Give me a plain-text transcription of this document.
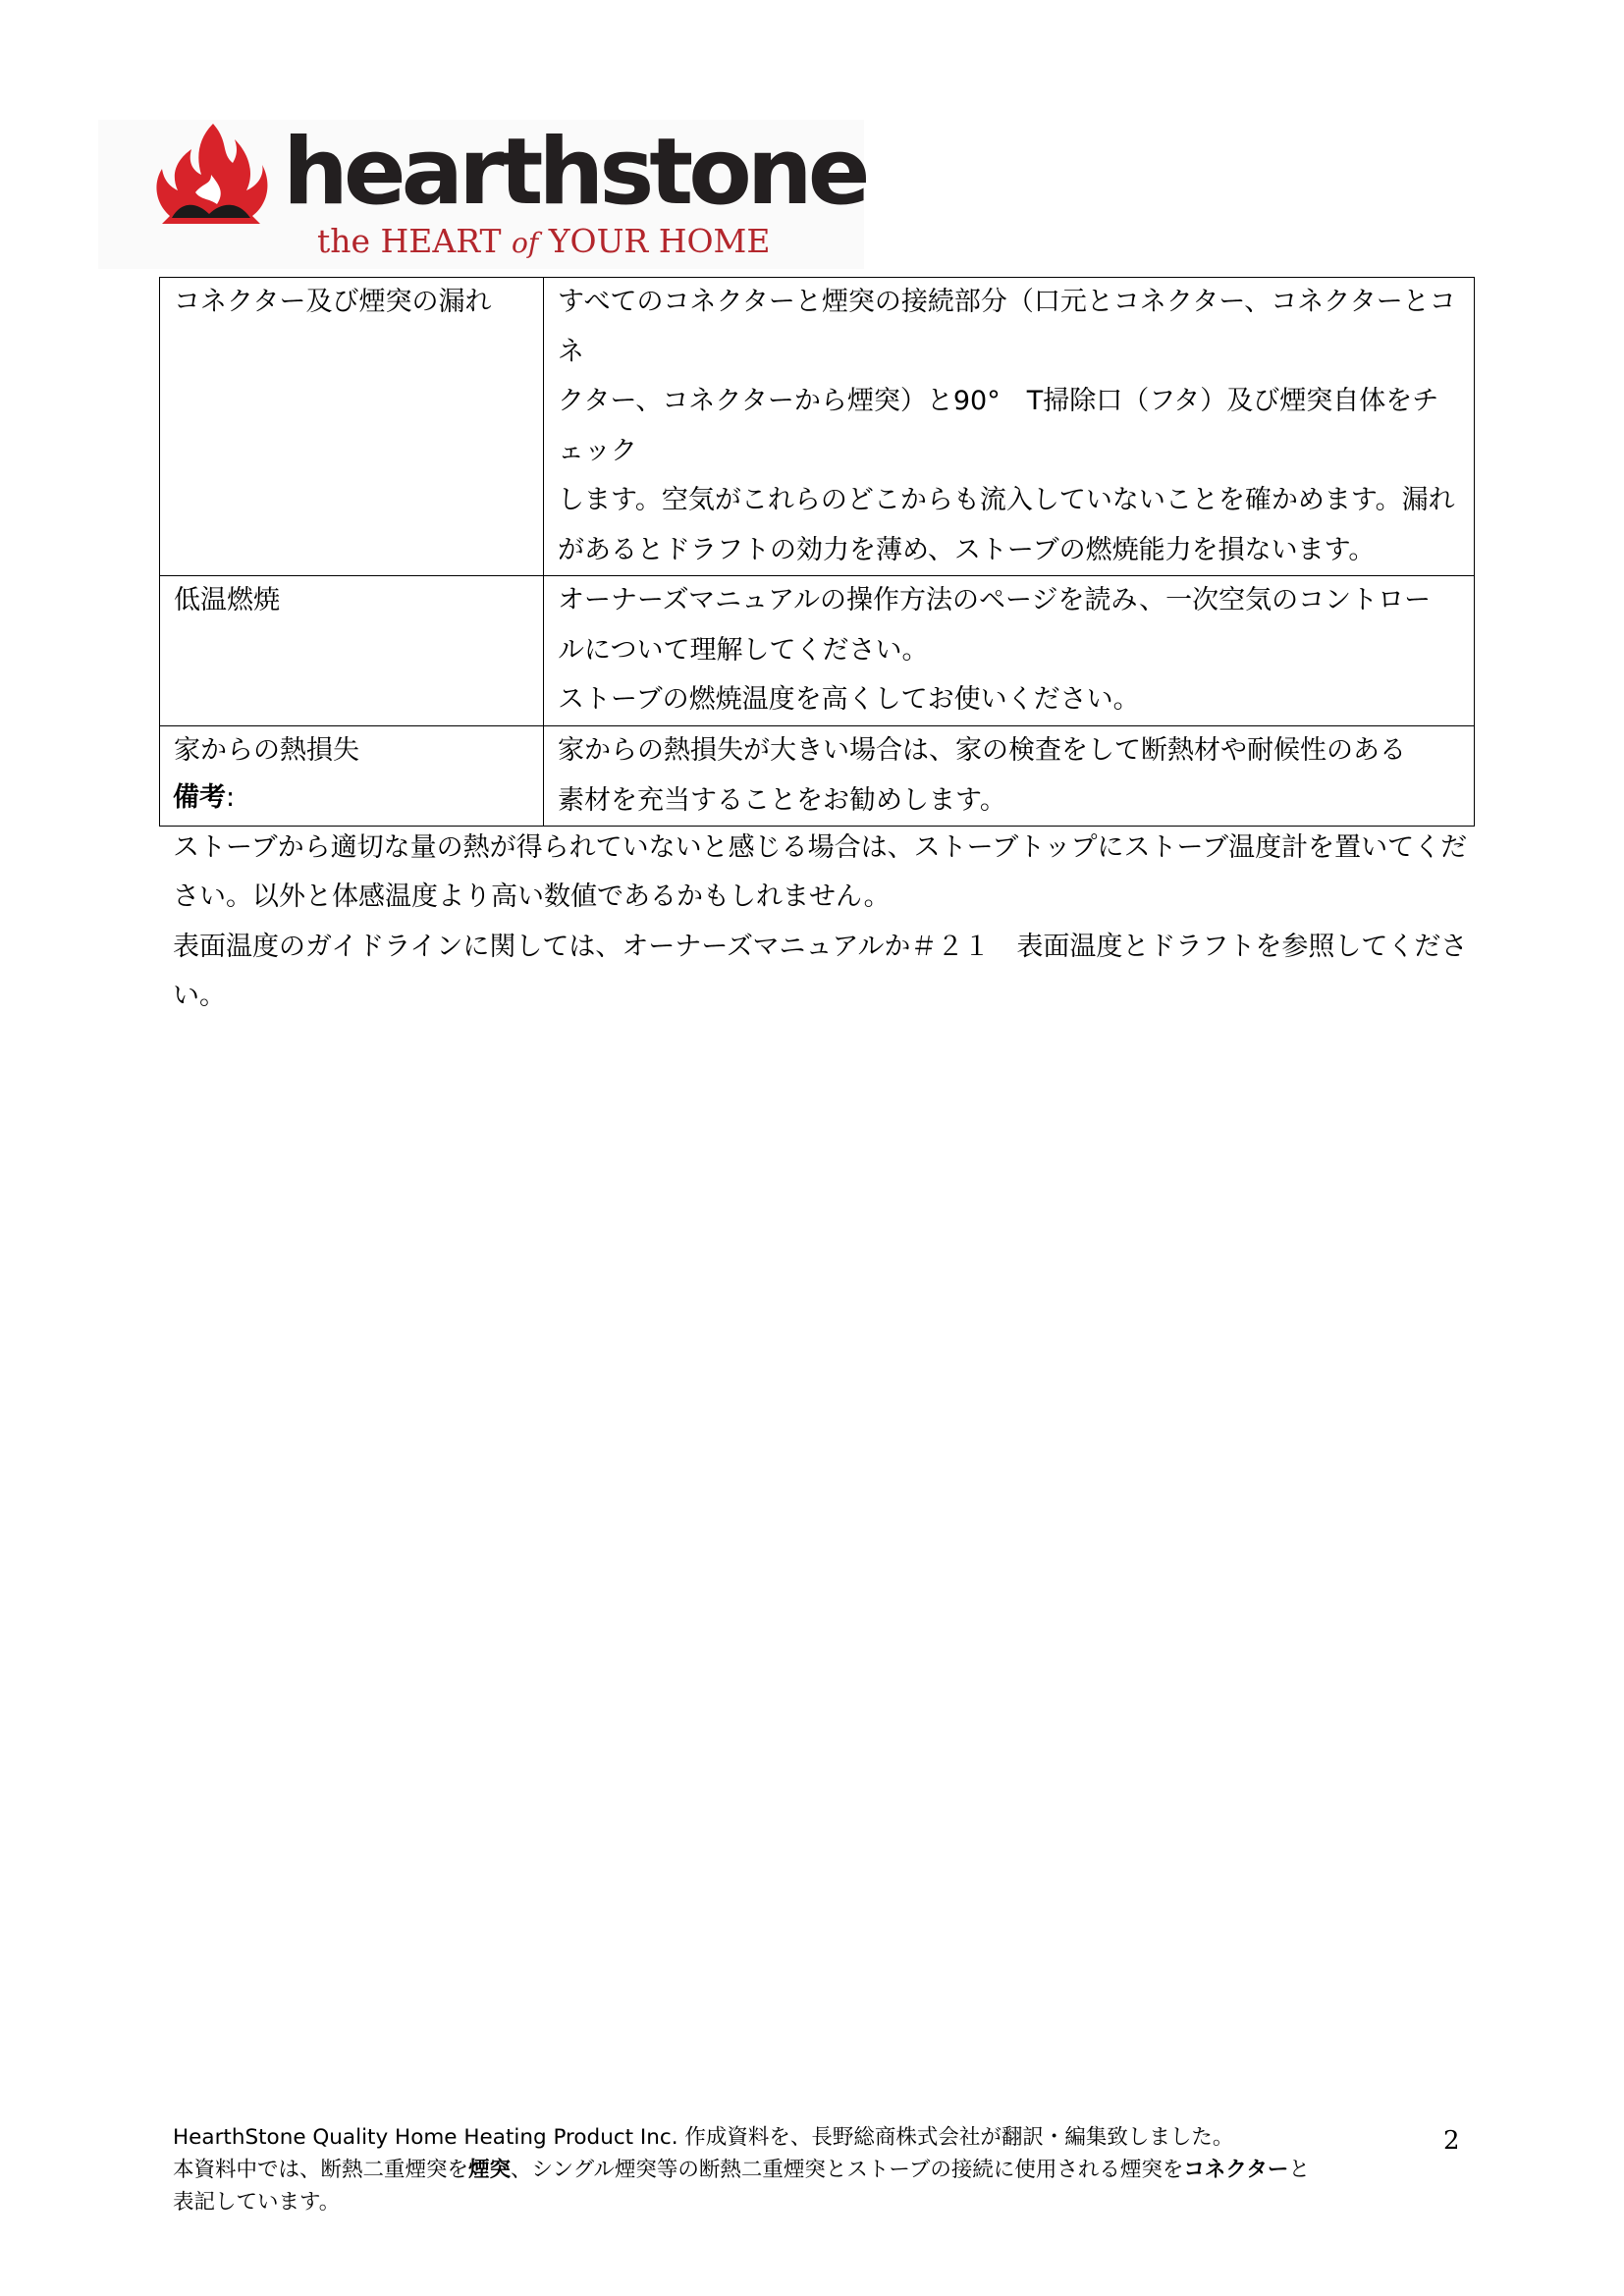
hearthstone
the HEART of YOUR HOME
コネクター及び煙突の漏れ	すべてのコネクターと煙突の接続部分（口元とコネクター、コネクターとコネ
クター、コネクターから煙突）と90°　T掃除口（フタ）及び煙突自体をチェック
します。空気がこれらのどこからも流入していないことを確かめます。漏れ
があるとドラフトの効力を薄め、ストーブの燃焼能力を損ないます。

低温燃焼	オーナーズマニュアルの操作方法のページを読み、一次空気のコントロー
ルについて理解してください。
ストーブの燃焼温度を高くしてお使いください。

家からの熱損失	家からの熱損失が大きい場合は、家の検査をして断熱材や耐候性のある
素材を充当することをお勧めします。

備考:

ストーブから適切な量の熱が得られていないと感じる場合は、ストーブトップにストーブ温度計を置いてくだ

さい。以外と体感温度より高い数値であるかもしれません。

表面温度のガイドラインに関しては、オーナーズマニュアルか＃２１　表面温度とドラフトを参照してくださ

い。

HearthStone Quality Home Heating Product Inc. 作成資料を、長野総商株式会社が翻訳・編集致しました。

本資料中では、断熱二重煙突を煙突、シングル煙突等の断熱二重煙突とストーブの接続に使用される煙突をコネクターと

表記しています。

2
